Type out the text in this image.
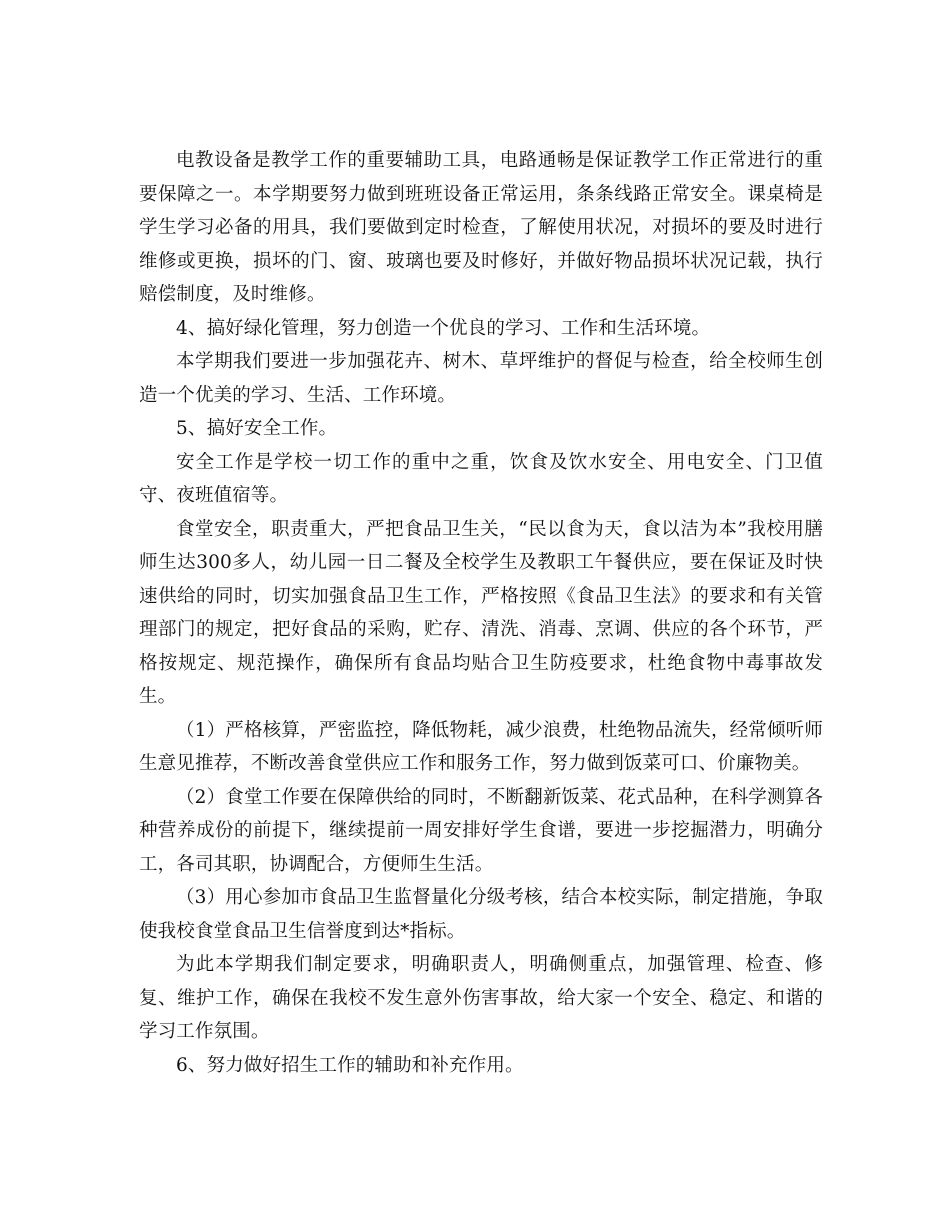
电教设备是教学工作的重要辅助工具，电路通畅是保证教学工作正常进行的重要保障之一。本学期要努力做到班班设备正常运用，条条线路正常安全。课桌椅是学生学习必备的用具，我们要做到定时检查，了解使用状况，对损坏的要及时进行维修或更换，损坏的门、窗、玻璃也要及时修好，并做好物品损坏状况记载，执行赔偿制度，及时维修。

4、搞好绿化管理，努力创造一个优良的学习、工作和生活环境。

本学期我们要进一步加强花卉、树木、草坪维护的督促与检查，给全校师生创造一个优美的学习、生活、工作环境。

5、搞好安全工作。

安全工作是学校一切工作的重中之重，饮食及饮水安全、用电安全、门卫值守、夜班值宿等。

食堂安全，职责重大，严把食品卫生关，“民以食为天，食以洁为本”我校用膳师生达300多人，幼儿园一日二餐及全校学生及教职工午餐供应，要在保证及时快速供给的同时，切实加强食品卫生工作，严格按照《食品卫生法》的要求和有关管理部门的规定，把好食品的采购，贮存、清洗、消毒、烹调、供应的各个环节，严格按规定、规范操作，确保所有食品均贴合卫生防疫要求，杜绝食物中毒事故发生。

（1）严格核算，严密监控，降低物耗，减少浪费，杜绝物品流失，经常倾听师生意见推荐，不断改善食堂供应工作和服务工作，努力做到饭菜可口、价廉物美。

（2）食堂工作要在保障供给的同时，不断翻新饭菜、花式品种，在科学测算各种营养成份的前提下，继续提前一周安排好学生食谱，要进一步挖掘潜力，明确分工，各司其职，协调配合，方便师生生活。

（3）用心参加市食品卫生监督量化分级考核，结合本校实际，制定措施，争取使我校食堂食品卫生信誉度到达*指标。

为此本学期我们制定要求，明确职责人，明确侧重点，加强管理、检查、修复、维护工作，确保在我校不发生意外伤害事故，给大家一个安全、稳定、和谐的学习工作氛围。

6、努力做好招生工作的辅助和补充作用。
